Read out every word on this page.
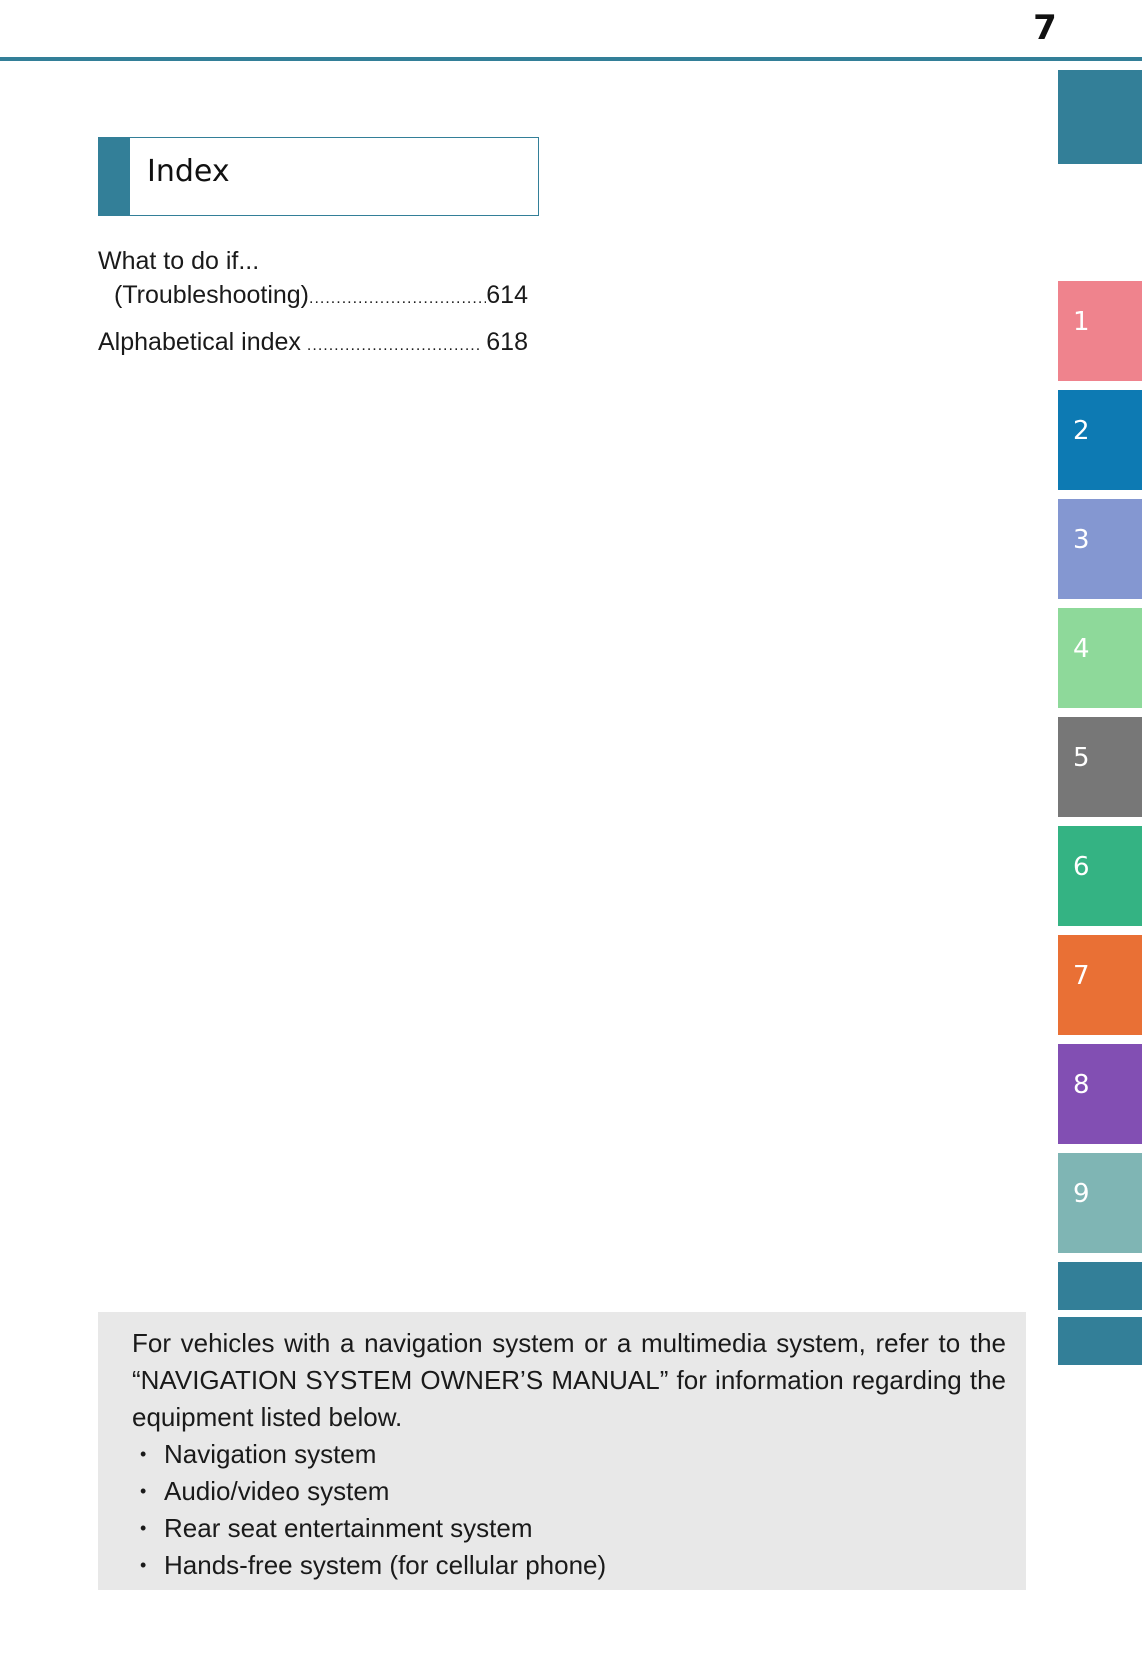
7
1
2
3
4
5
6
7
8
9
Index
What to do if...
(Troubleshooting) .....	614
Alphabetical index .....	618
For vehicles with a navigation system or a multimedia system, refer to the “NAVIGATION SYSTEM OWNER’S MANUAL” for information regarding the equipment listed below.
• Navigation system
• Audio/video system
• Rear seat entertainment system
• Hands-free system (for cellular phone)
